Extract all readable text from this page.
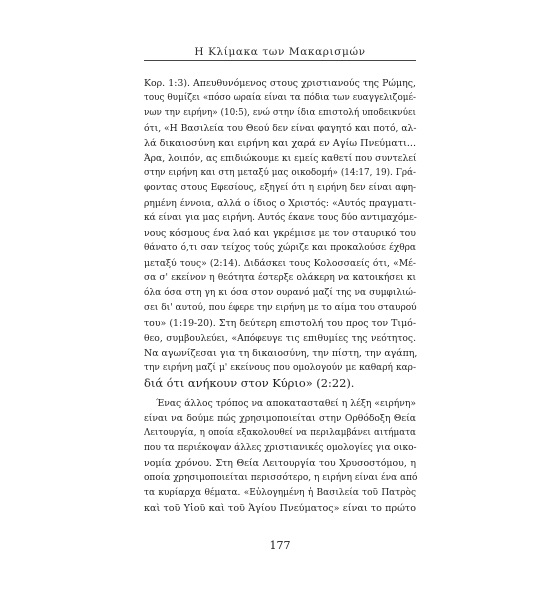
Η Κλίμακα των Μακαρισμών
Κορ. 1:3). Απευθυνόμενος στους χριστιανούς της Ρώμης,
τους θυμίζει «πόσο ωραία είναι τα πόδια των ευαγγελιζομέ-
νων την ειρήνη» (10:5), ενώ στην ίδια επιστολή υποδεικνύει
ότι, «Η Βασιλεία του Θεού δεν είναι φαγητό και ποτό, αλ-
λά δικαιοσύνη και ειρήνη και χαρά εν Αγίω Πνεύματι...
Άρα, λοιπόν, ας επιδιώκουμε κι εμείς καθετί που συντελεί
στην ειρήνη και στη μεταξύ μας οικοδομή» (14:17, 19). Γρά-
φοντας στους Εφεσίους, εξηγεί ότι η ειρήνη δεν είναι αφη-
ρημένη έννοια, αλλά ο ίδιος ο Χριστός: «Αυτός πραγματι-
κά είναι για μας ειρήνη. Αυτός έκανε τους δύο αντιμαχόμε-
νους κόσμους ένα λαό και γκρέμισε με τον σταυρικό του
θάνατο ό,τι σαν τείχος τούς χώριζε και προκαλούσε έχθρα
μεταξύ τους» (2:14). Διδάσκει τους Κολοσσαείς ότι, «Μέ-
σα σ' εκείνον η θεότητα έστερξε ολάκερη να κατοικήσει κι
όλα όσα στη γη κι όσα στον ουρανό μαζί της να συμφιλιώ-
σει δι' αυτού, που έφερε την ειρήνη με το αίμα του σταυρού
του» (1:19-20). Στη δεύτερη επιστολή του προς τον Τιμό-
θεο, συμβουλεύει, «Απόφευγε τις επιθυμίες της νεότητος.
Να αγωνίζεσαι για τη δικαιοσύνη, την πίστη, την αγάπη,
την ειρήνη μαζί μ' εκείνους που ομολογούν με καθαρή καρ-
διά ότι ανήκουν στον Κύριο» (2:22).
Ένας άλλος τρόπος να αποκατασταθεί η λέξη «ειρήνη»
είναι να δούμε πώς χρησιμοποιείται στην Ορθόδοξη Θεία
Λειτουργία, η οποία εξακολουθεί να περιλαμβάνει αιτήματα
που τα περιέκοψαν άλλες χριστιανικές ομολογίες για οικο-
νομία χρόνου. Στη Θεία Λειτουργία του Χρυσοστόμου, η
οποία χρησιμοποιείται περισσότερο, η ειρήνη είναι ένα από
τα κυρίαρχα θέματα. «Εὐλογημένη ἡ Βασιλεία τοῦ Πατρὸς
καὶ τοῦ Υἱοῦ καὶ τοῦ Ἁγίου Πνεύματος» είναι το πρώτο
177
